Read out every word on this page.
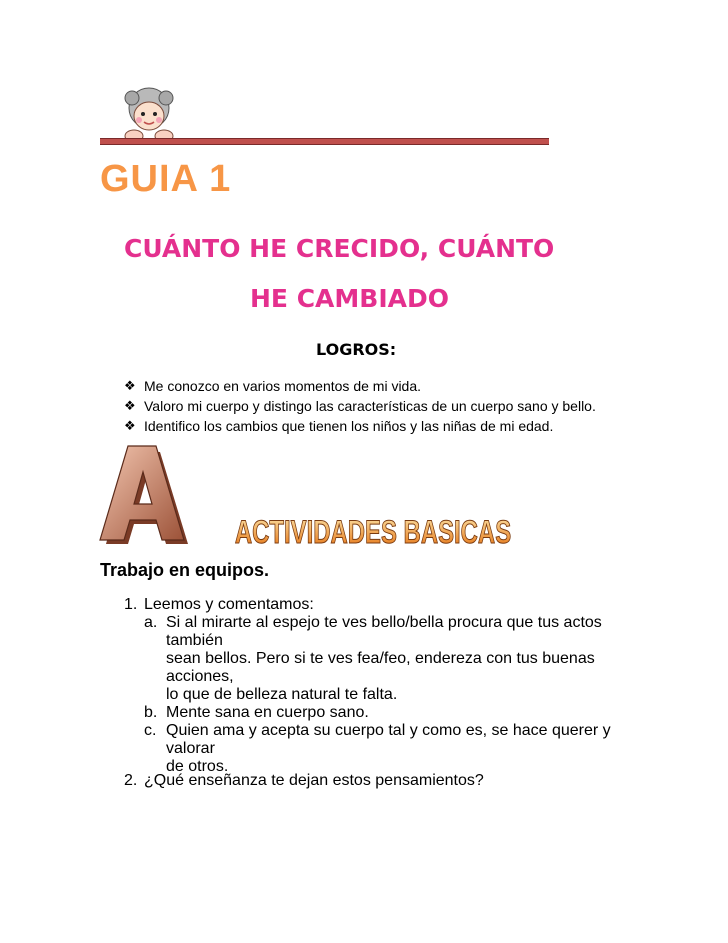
GUIA 1
CUÁNTO HE CRECIDO, CUÁNTO
HE CAMBIADO
LOGROS:
❖ Me conozco en varios momentos de mi vida.
❖ Valoro mi cuerpo y distingo las características de un cuerpo sano y bello.
❖ Identifico los cambios que tienen los niños y las niñas de mi edad.
A
ACTIVIDADES BASICAS
Trabajo en equipos.
1. Leemos y comentamos:
a. Si al mirarte al espejo te ves bello/bella procura que tus actos también
sean bellos. Pero si te ves fea/feo, endereza con tus buenas acciones,
lo que de belleza natural te falta.
b. Mente sana en cuerpo sano.
c. Quien ama y acepta su cuerpo tal y como es, se hace querer y valorar
de otros.
2. ¿Qué enseñanza te dejan estos pensamientos?
